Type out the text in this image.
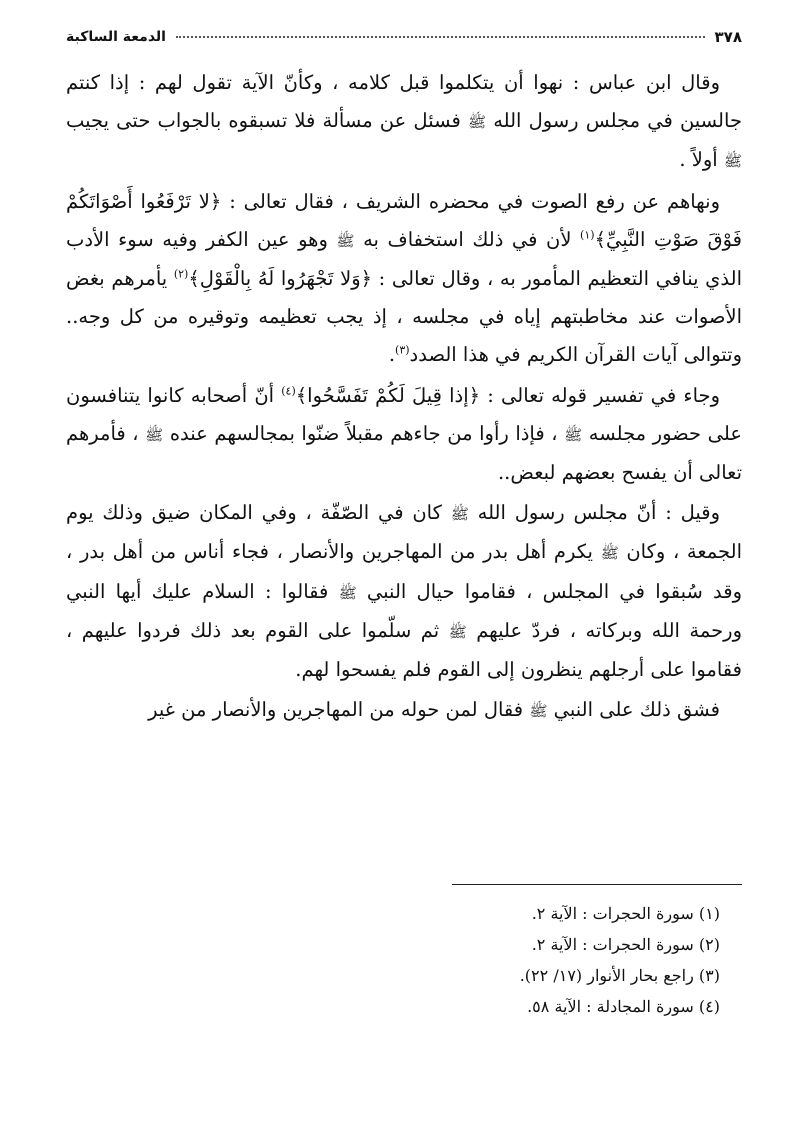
٣٧٨
الدمعة الساكبة

وقال ابن عباس : نهوا أن يتكلموا قبل كلامه ، وكأنّ الآية تقول لهم : إذا كنتم جالسين في مجلس رسول الله ﷺ فسئل عن مسألة فلا تسبقوه بالجواب حتى يجيب ﷺ أولاً .

ونهاهم عن رفع الصوت في محضره الشريف ، فقال تعالى : ﴿لا تَرْفَعُوا أَصْوَاتَكُمْ فَوْقَ صَوْتِ النَّبِيِّ﴾$^{(١)}$ لأن في ذلك استخفاف به ﷺ وهو عين الكفر وفيه سوء الأدب الذي ينافي التعظيم المأمور به ، وقال تعالى : ﴿وَلا تَجْهَرُوا لَهُ بِالْقَوْلِ﴾$^{(٢)}$ يأمرهم بغض الأصوات عند مخاطبتهم إياه في مجلسه ، إذ يجب تعظيمه وتوقيره من كل وجه.. وتتوالى آيات القرآن الكريم في هذا الصدد$^{(٣)}$.

وجاء في تفسير قوله تعالى : ﴿إذا قِيلَ لَكُمْ تَفَسَّحُوا﴾$^{(٤)}$ أنّ أصحابه كانوا يتنافسون على حضور مجلسه ﷺ ، فإذا رأوا من جاءهم مقبلاً ضنّوا بمجالسهم عنده ﷺ ، فأمرهم تعالى أن يفسح بعضهم لبعض..

وقيل : أنّ مجلس رسول الله ﷺ كان في الصّفّة ، وفي المكان ضيق وذلك يوم الجمعة ، وكان ﷺ يكرم أهل بدر من المهاجرين والأنصار ، فجاء أناس من أهل بدر ، وقد سُبقوا في المجلس ، فقاموا حيال النبي ﷺ فقالوا : السلام عليك أيها النبي ورحمة الله وبركاته ، فردّ عليهم ﷺ ثم سلّموا على القوم بعد ذلك فردوا عليهم ، فقاموا على أرجلهم ينظرون إلى القوم فلم يفسحوا لهم.

فشق ذلك على النبي ﷺ فقال لمن حوله من المهاجرين والأنصار من غير

(١) سورة الحجرات : الآية ٢.

(٢) سورة الحجرات : الآية ٢.

(٣) راجع بحار الأنوار (١٧/ ٢٢).

(٤) سورة المجادلة : الآية ٥٨.
